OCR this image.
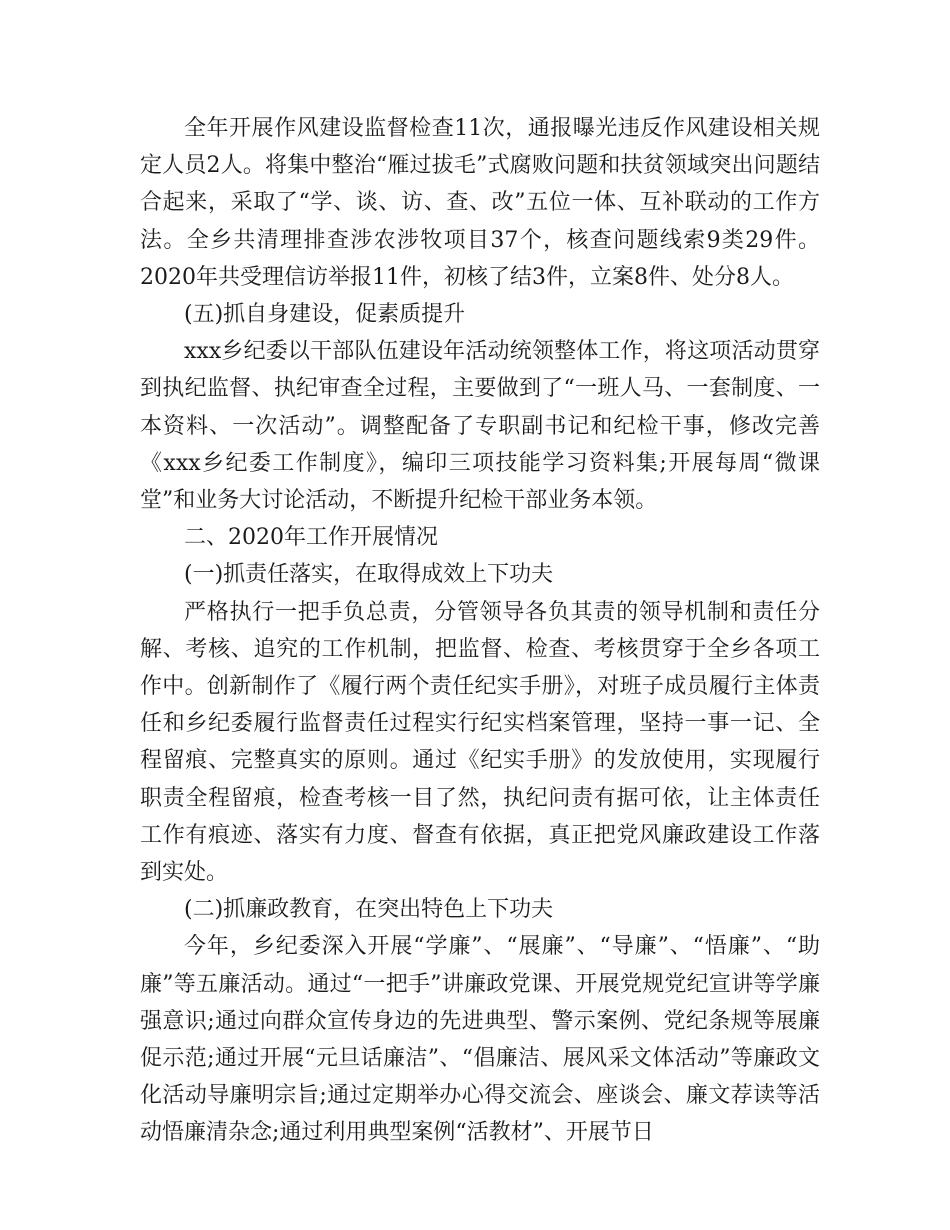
全年开展作风建设监督检查11次，通报曝光违反作风建设相关规定人员2人。将集中整治“雁过拔毛”式腐败问题和扶贫领域突出问题结合起来，采取了“学、谈、访、查、改”五位一体、互补联动的工作方法。全乡共清理排查涉农涉牧项目37个，核查问题线索9类29件。2020年共受理信访举报11件，初核了结3件，立案8件、处分8人。

(五)抓自身建设，促素质提升

xxx乡纪委以干部队伍建设年活动统领整体工作，将这项活动贯穿到执纪监督、执纪审查全过程，主要做到了“一班人马、一套制度、一本资料、一次活动”。调整配备了专职副书记和纪检干事，修改完善《xxx乡纪委工作制度》，编印三项技能学习资料集;开展每周“微课堂”和业务大讨论活动，不断提升纪检干部业务本领。

二、2020年工作开展情况

(一)抓责任落实，在取得成效上下功夫

严格执行一把手负总责，分管领导各负其责的领导机制和责任分解、考核、追究的工作机制，把监督、检查、考核贯穿于全乡各项工作中。创新制作了《履行两个责任纪实手册》，对班子成员履行主体责任和乡纪委履行监督责任过程实行纪实档案管理，坚持一事一记、全程留痕、完整真实的原则。通过《纪实手册》的发放使用，实现履行职责全程留痕，检查考核一目了然，执纪问责有据可依，让主体责任工作有痕迹、落实有力度、督查有依据，真正把党风廉政建设工作落到实处。

(二)抓廉政教育，在突出特色上下功夫

今年，乡纪委深入开展“学廉”、“展廉”、“导廉”、“悟廉”、“助廉”等五廉活动。通过“一把手”讲廉政党课、开展党规党纪宣讲等学廉强意识;通过向群众宣传身边的先进典型、警示案例、党纪条规等展廉促示范;通过开展“元旦话廉洁”、“倡廉洁、展风采文体活动”等廉政文化活动导廉明宗旨;通过定期举办心得交流会、座谈会、廉文荐读等活动悟廉清杂念;通过利用典型案例“活教材”、开展节日
